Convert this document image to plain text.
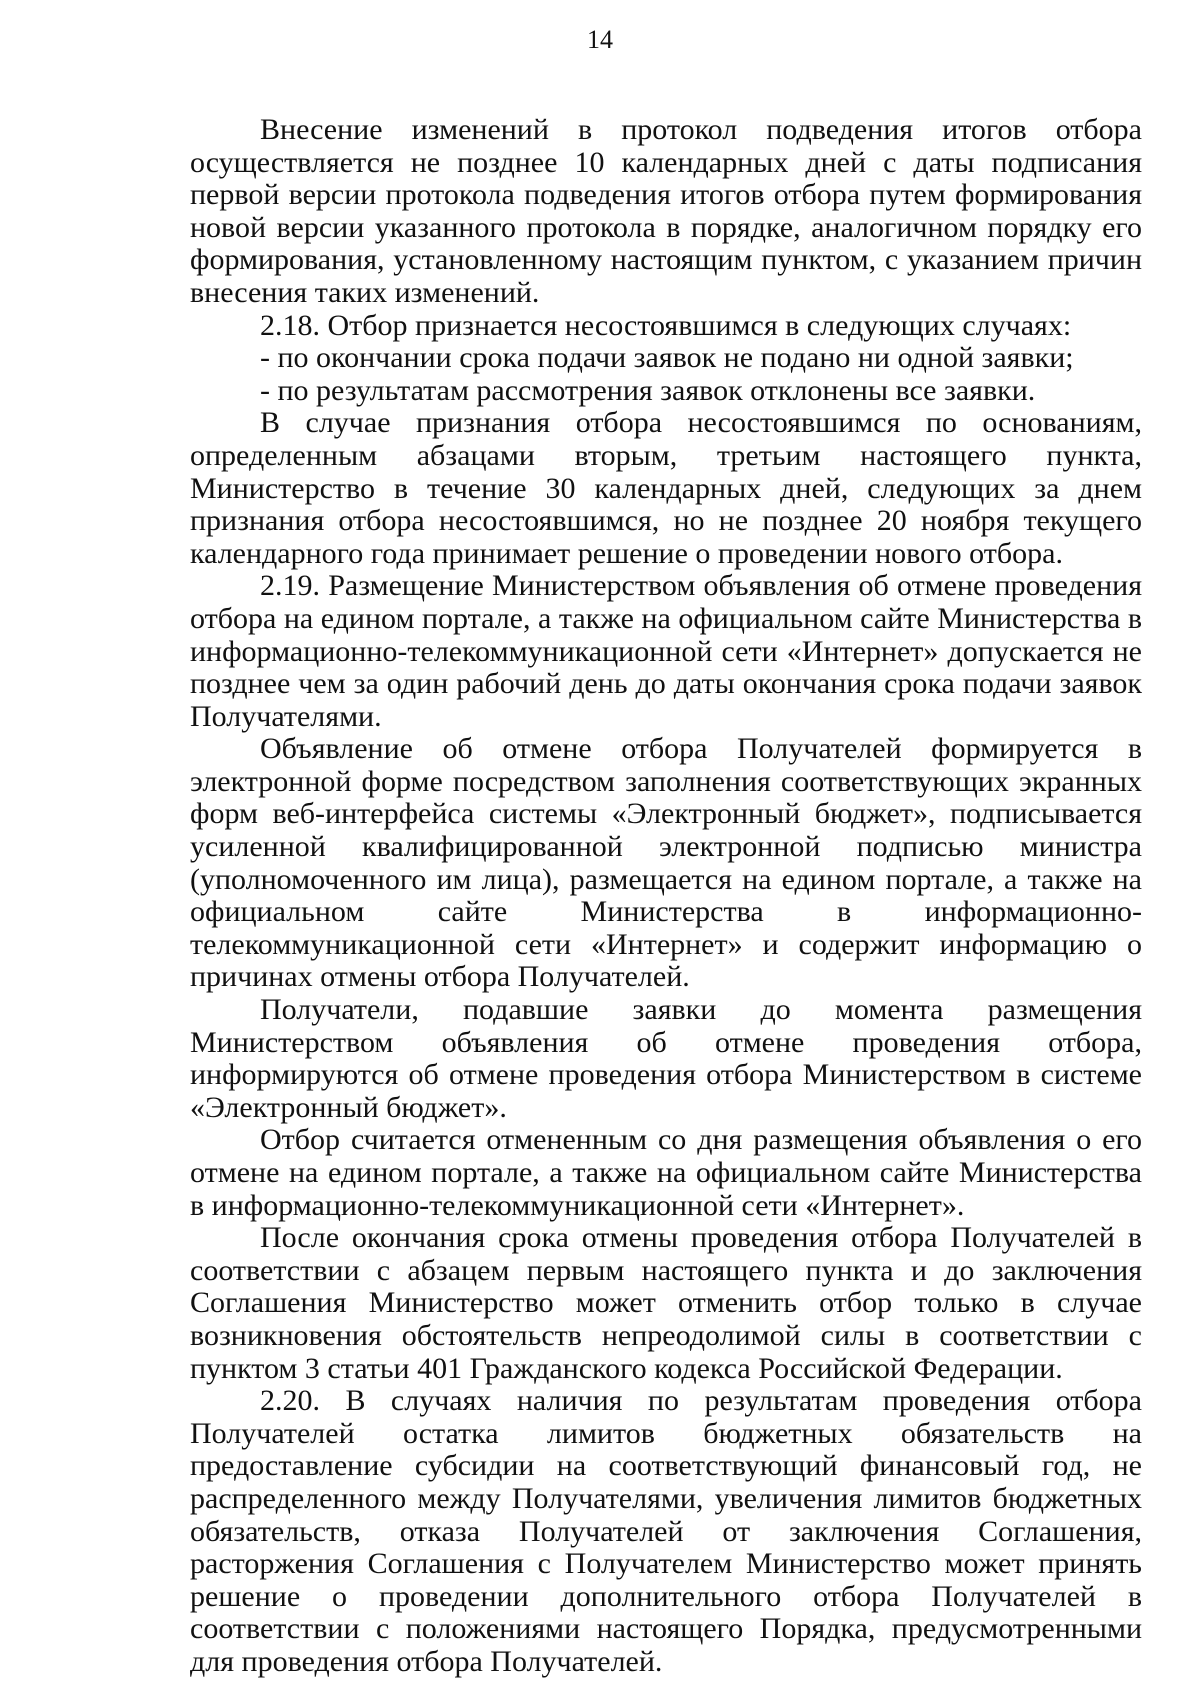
14

Внесение изменений в протокол подведения итогов отбора осуществляется не позднее 10 календарных дней с даты подписания первой версии протокола подведения итогов отбора путем формирования новой версии указанного протокола в порядке, аналогичном порядку его формирования, установленному настоящим пунктом, с указанием причин внесения таких изменений.

2.18. Отбор признается несостоявшимся в следующих случаях:

- по окончании срока подачи заявок не подано ни одной заявки;

- по результатам рассмотрения заявок отклонены все заявки.

В случае признания отбора несостоявшимся по основаниям, определенным абзацами вторым, третьим настоящего пункта, Министерство в течение 30 календарных дней, следующих за днем признания отбора несостоявшимся, но не позднее 20 ноября текущего календарного года принимает решение о проведении нового отбора.

2.19. Размещение Министерством объявления об отмене проведения отбора на едином портале, а также на официальном сайте Министерства в информационно-телекоммуникационной сети «Интернет» допускается не позднее чем за один рабочий день до даты окончания срока подачи заявок Получателями.

Объявление об отмене отбора Получателей формируется в электронной форме посредством заполнения соответствующих экранных форм веб-интерфейса системы «Электронный бюджет», подписывается усиленной квалифицированной электронной подписью министра (уполномоченного им лица), размещается на едином портале, а также на официальном сайте Министерства в информационно-телекоммуникационной сети «Интернет» и содержит информацию о причинах отмены отбора Получателей.

Получатели, подавшие заявки до момента размещения Министерством объявления об отмене проведения отбора, информируются об отмене проведения отбора Министерством в системе «Электронный бюджет».

Отбор считается отмененным со дня размещения объявления о его отмене на едином портале, а также на официальном сайте Министерства в информационно-телекоммуникационной сети «Интернет».

После окончания срока отмены проведения отбора Получателей в соответствии с абзацем первым настоящего пункта и до заключения Соглашения Министерство может отменить отбор только в случае возникновения обстоятельств непреодолимой силы в соответствии с пунктом 3 статьи 401 Гражданского кодекса Российской Федерации.

2.20. В случаях наличия по результатам проведения отбора Получателей остатка лимитов бюджетных обязательств на предоставление субсидии на соответствующий финансовый год, не распределенного между Получателями, увеличения лимитов бюджетных обязательств, отказа Получателей от заключения Соглашения, расторжения Соглашения с Получателем Министерство может принять решение о проведении дополнительного отбора Получателей в соответствии с положениями настоящего Порядка, предусмотренными для проведения отбора Получателей.
